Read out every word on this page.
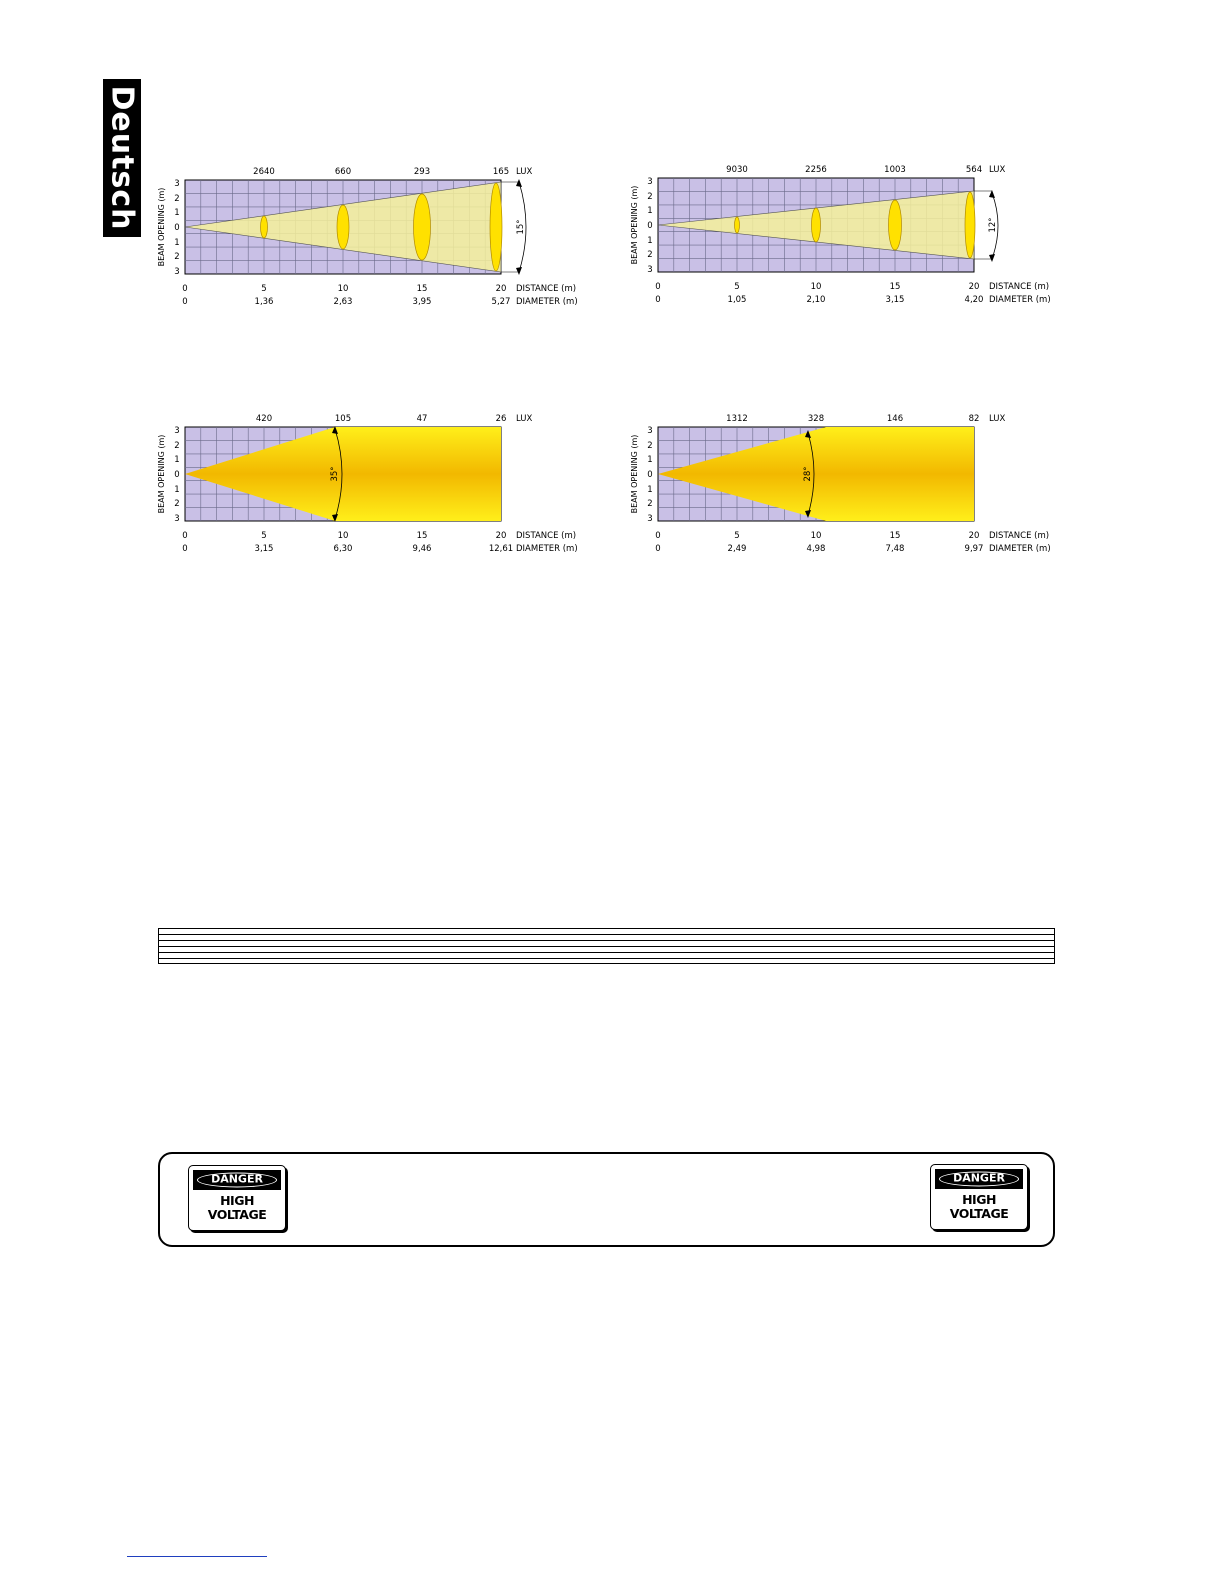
Deutsch BEAM OPENING (m)
3
2
1
0
1
2
3
15°
2640	660	293	165 LUX
0	5	10	15	20 DISTANCE (m)
0	1,36	2,63	3,95	5,27 DIAMETER (m)
BEAM OPENING (m)
3
2
1
0
1
2
3
12°
9030	2256	1003	564 LUX
0	5	10	15	20 DISTANCE (m)
0	1,05	2,10	3,15	4,20 DIAMETER (m)
BEAM OPENING (m)
3
2
1
0
1
2
3
35°
420	105	47	26 LUX
0	5	10	15	20 DISTANCE (m)
0	3,15	6,30	9,46	12,61 DIAMETER (m)
BEAM OPENING (m)
3
2
1
0
1
2
3
28°
1312	328	146	82 LUX
0	5	10	15	20 DISTANCE (m)
0	2,49	4,98	7,48	9,97 DIAMETER (m)
DANGER
HIGH
VOLTAGE
DANGER
HIGH
VOLTAGE
